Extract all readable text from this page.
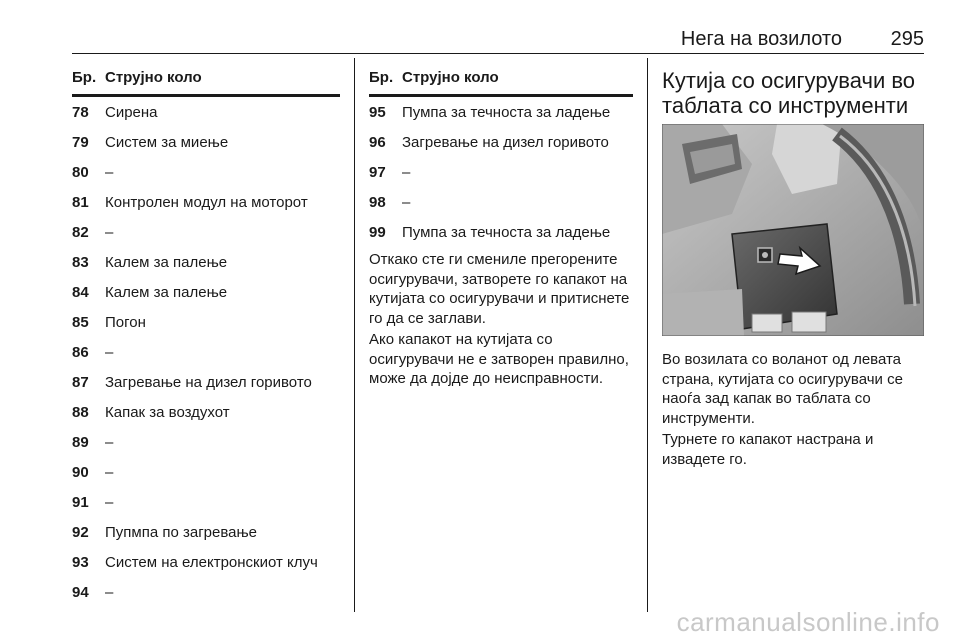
Нега на возилото 295
Бр.	Струјно коло
78	Сирена
79	Систем за миење
80	–
81	Контролен модул на моторот
82	–
83	Калем за палење
84	Калем за палење
85	Погон
86	–
87	Загревање на дизел горивото
88	Капак за воздухот
89	–
90	–
91	–
92	Пупмпа по загревање
93	Систем на електронскиот клуч
94	–
Бр.	Струјно коло
95	Пумпа за течноста за ладење
96	Загревање на дизел горивото
97	–
98	–
99	Пумпа за течноста за ладење

Откако сте ги смениле прегорените осигурувачи, затворете го капакот на кутијата со осигурувачи и притиснете го да се заглави.

Ако капакот на кутијата со осигурувачи не е затворен правилно, може да дојде до неисправности.

Кутија со осигурувачи во таблата со инструменти

Во возилата со воланот од левата страна, кутијата со осигурувачи се наоѓа зад капак во таблата со инструменти.

Турнете го капакот настрана и извадете го.

carmanualsonline.info
